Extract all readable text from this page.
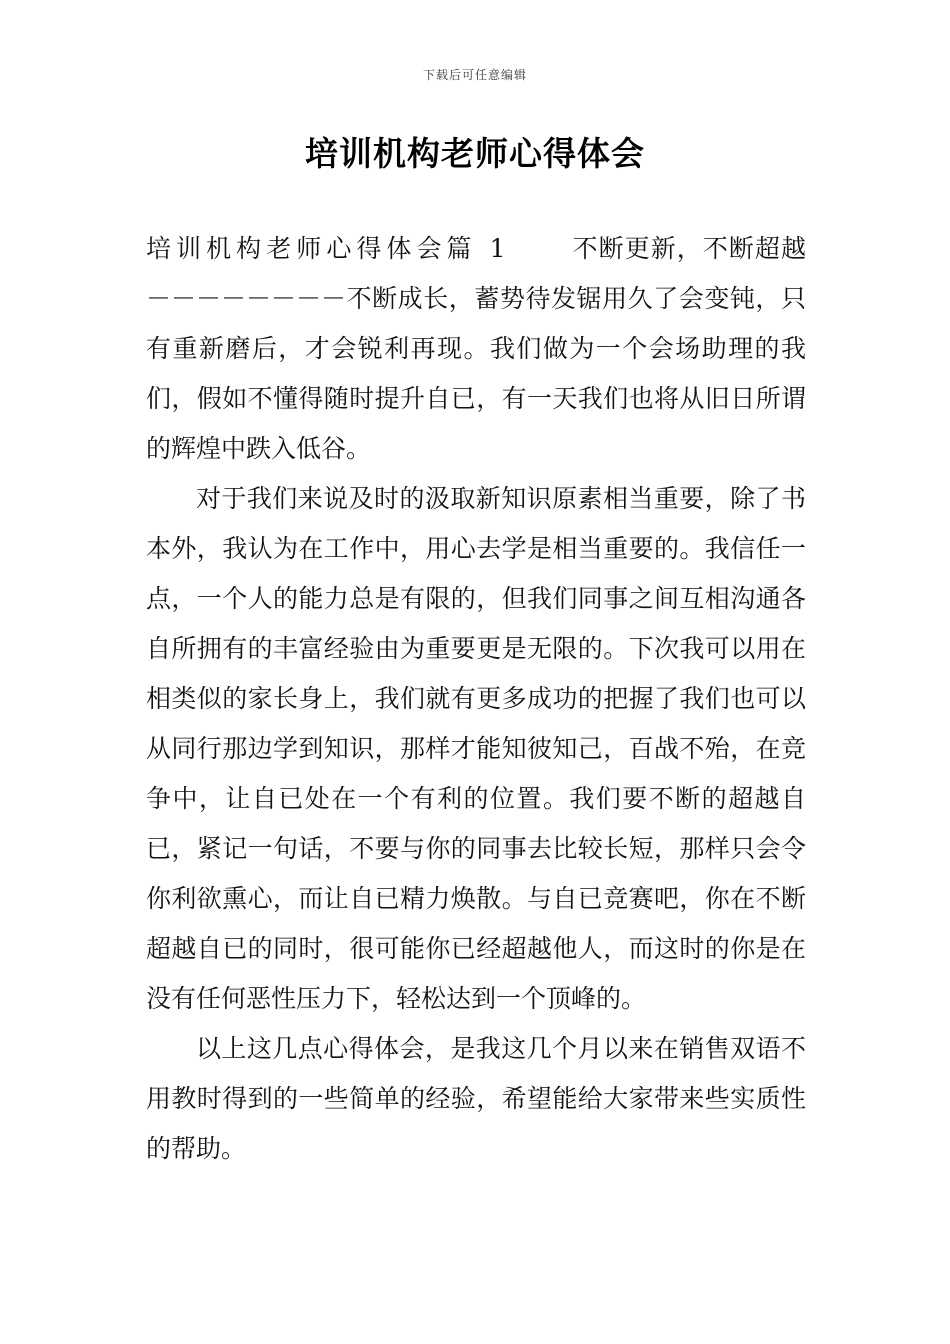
下载后可任意编辑
培训机构老师心得体会

培训机构老师心得体会篇 1 不断更新，不断超越－－－－－－－－不断成长，蓄势待发锯用久了会变钝，只有重新磨后，才会锐利再现。我们做为一个会场助理的我们，假如不懂得随时提升自已，有一天我们也将从旧日所谓的辉煌中跌入低谷。

对于我们来说及时的汲取新知识原素相当重要，除了书本外，我认为在工作中，用心去学是相当重要的。我信任一点，一个人的能力总是有限的，但我们同事之间互相沟通各自所拥有的丰富经验由为重要更是无限的。下次我可以用在相类似的家长身上，我们就有更多成功的把握了我们也可以从同行那边学到知识，那样才能知彼知己，百战不殆，在竞争中，让自已处在一个有利的位置。我们要不断的超越自已，紧记一句话，不要与你的同事去比较长短，那样只会令你利欲熏心，而让自已精力焕散。与自已竞赛吧，你在不断超越自已的同时，很可能你已经超越他人，而这时的你是在没有任何恶性压力下，轻松达到一个顶峰的。

以上这几点心得体会，是我这几个月以来在销售双语不用教时得到的一些简单的经验，希望能给大家带来些实质性的帮助。
